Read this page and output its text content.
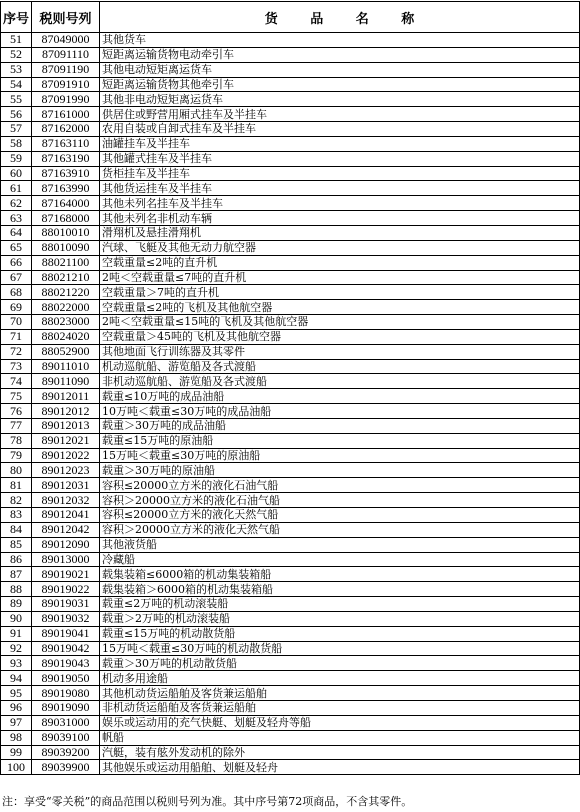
序号	税则号列	货 品 名 称
51	87049000	其他货车
52	87091110	短距离运输货物电动牵引车
53	87091190	其他电动短矩离运货车
54	87091910	短距离运输货物其他牵引车
55	87091990	其他非电动短矩离运货车
56	87161000	供居住或野营用厢式挂车及半挂车
57	87162000	农用自装或自卸式挂车及半挂车
58	87163110	油罐挂车及半挂车
59	87163190	其他罐式挂车及半挂车
60	87163910	货柜挂车及半挂车
61	87163990	其他货运挂车及半挂车
62	87164000	其他未列名挂车及半挂车
63	87168000	其他未列名非机动车辆
64	88010010	滑翔机及悬挂滑翔机
65	88010090	汽球、飞艇及其他无动力航空器
66	88021100	空载重量≤2吨的直升机
67	88021210	2吨＜空载重量≤7吨的直升机
68	88021220	空载重量＞7吨的直升机
69	88022000	空载重量≤2吨的飞机及其他航空器
70	88023000	2吨＜空载重量≤15吨的飞机及其他航空器
71	88024020	空载重量＞45吨的飞机及其他航空器
72	88052900	其他地面飞行训练器及其零件
73	89011010	机动巡航船、游览船及各式渡船
74	89011090	非机动巡航船、游览船及各式渡船
75	89012011	载重≤10万吨的成品油船
76	89012012	10万吨＜载重≤30万吨的成品油船
77	89012013	载重＞30万吨的成品油船
78	89012021	载重≤15万吨的原油船
79	89012022	15万吨＜载重≤30万吨的原油船
80	89012023	载重＞30万吨的原油船
81	89012031	容积≤20000立方米的液化石油气船
82	89012032	容积＞20000立方米的液化石油气船
83	89012041	容积≤20000立方米的液化天然气船
84	89012042	容积＞20000立方米的液化天然气船
85	89012090	其他液货船
86	89013000	冷藏船
87	89019021	载集装箱≤6000箱的机动集装箱船
88	89019022	载集装箱＞6000箱的机动集装箱船
89	89019031	载重≤2万吨的机动滚装船
90	89019032	载重＞2万吨的机动滚装船
91	89019041	载重≤15万吨的机动散货船
92	89019042	15万吨＜载重≤30万吨的机动散货船
93	89019043	载重＞30万吨的机动散货船
94	89019050	机动多用途船
95	89019080	其他机动货运船舶及客货兼运船舶
96	89019090	非机动货运船舶及客货兼运船舶
97	89031000	娱乐或运动用的充气快艇、划艇及轻舟等船
98	89039100	帆船
99	89039200	汽艇，装有舷外发动机的除外
100	89039900	其他娱乐或运动用船舶、划艇及轻舟
注：享受“零关税”的商品范围以税则号列为准。其中序号第72项商品，不含其零件。
